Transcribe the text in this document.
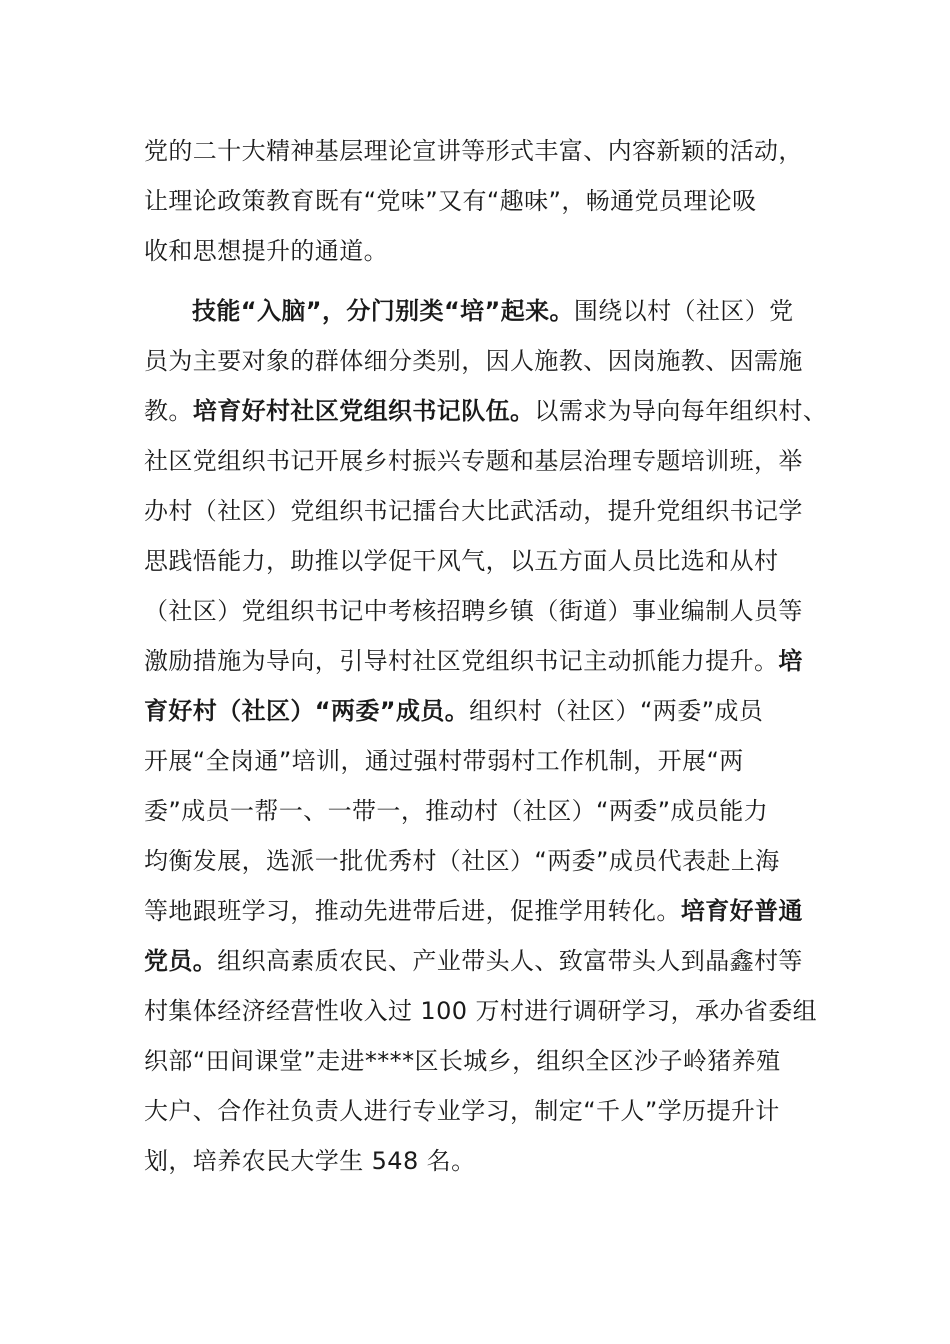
党的二十大精神基层理论宣讲等形式丰富、内容新颖的活动，
让理论政策教育既有“党味”又有“趣味”，畅通党员理论吸
收和思想提升的通道。
技能“入脑”，分门别类“培”起来。围绕以村（社区）党
员为主要对象的群体细分类别，因人施教、因岗施教、因需施
教。培育好村社区党组织书记队伍。以需求为导向每年组织村、
社区党组织书记开展乡村振兴专题和基层治理专题培训班，举
办村（社区）党组织书记擂台大比武活动，提升党组织书记学
思践悟能力，助推以学促干风气，以五方面人员比选和从村
（社区）党组织书记中考核招聘乡镇（街道）事业编制人员等
激励措施为导向，引导村社区党组织书记主动抓能力提升。培
育好村（社区）“两委”成员。组织村（社区）“两委”成员
开展“全岗通”培训，通过强村带弱村工作机制，开展“两
委”成员一帮一、一带一，推动村（社区）“两委”成员能力
均衡发展，选派一批优秀村（社区）“两委”成员代表赴上海
等地跟班学习，推动先进带后进，促推学用转化。培育好普通
党员。组织高素质农民、产业带头人、致富带头人到晶鑫村等
村集体经济经营性收入过 100 万村进行调研学习，承办省委组
织部“田间课堂”走进****区长城乡，组织全区沙子岭猪养殖
大户、合作社负责人进行专业学习，制定“千人”学历提升计
划，培养农民大学生 548 名。
